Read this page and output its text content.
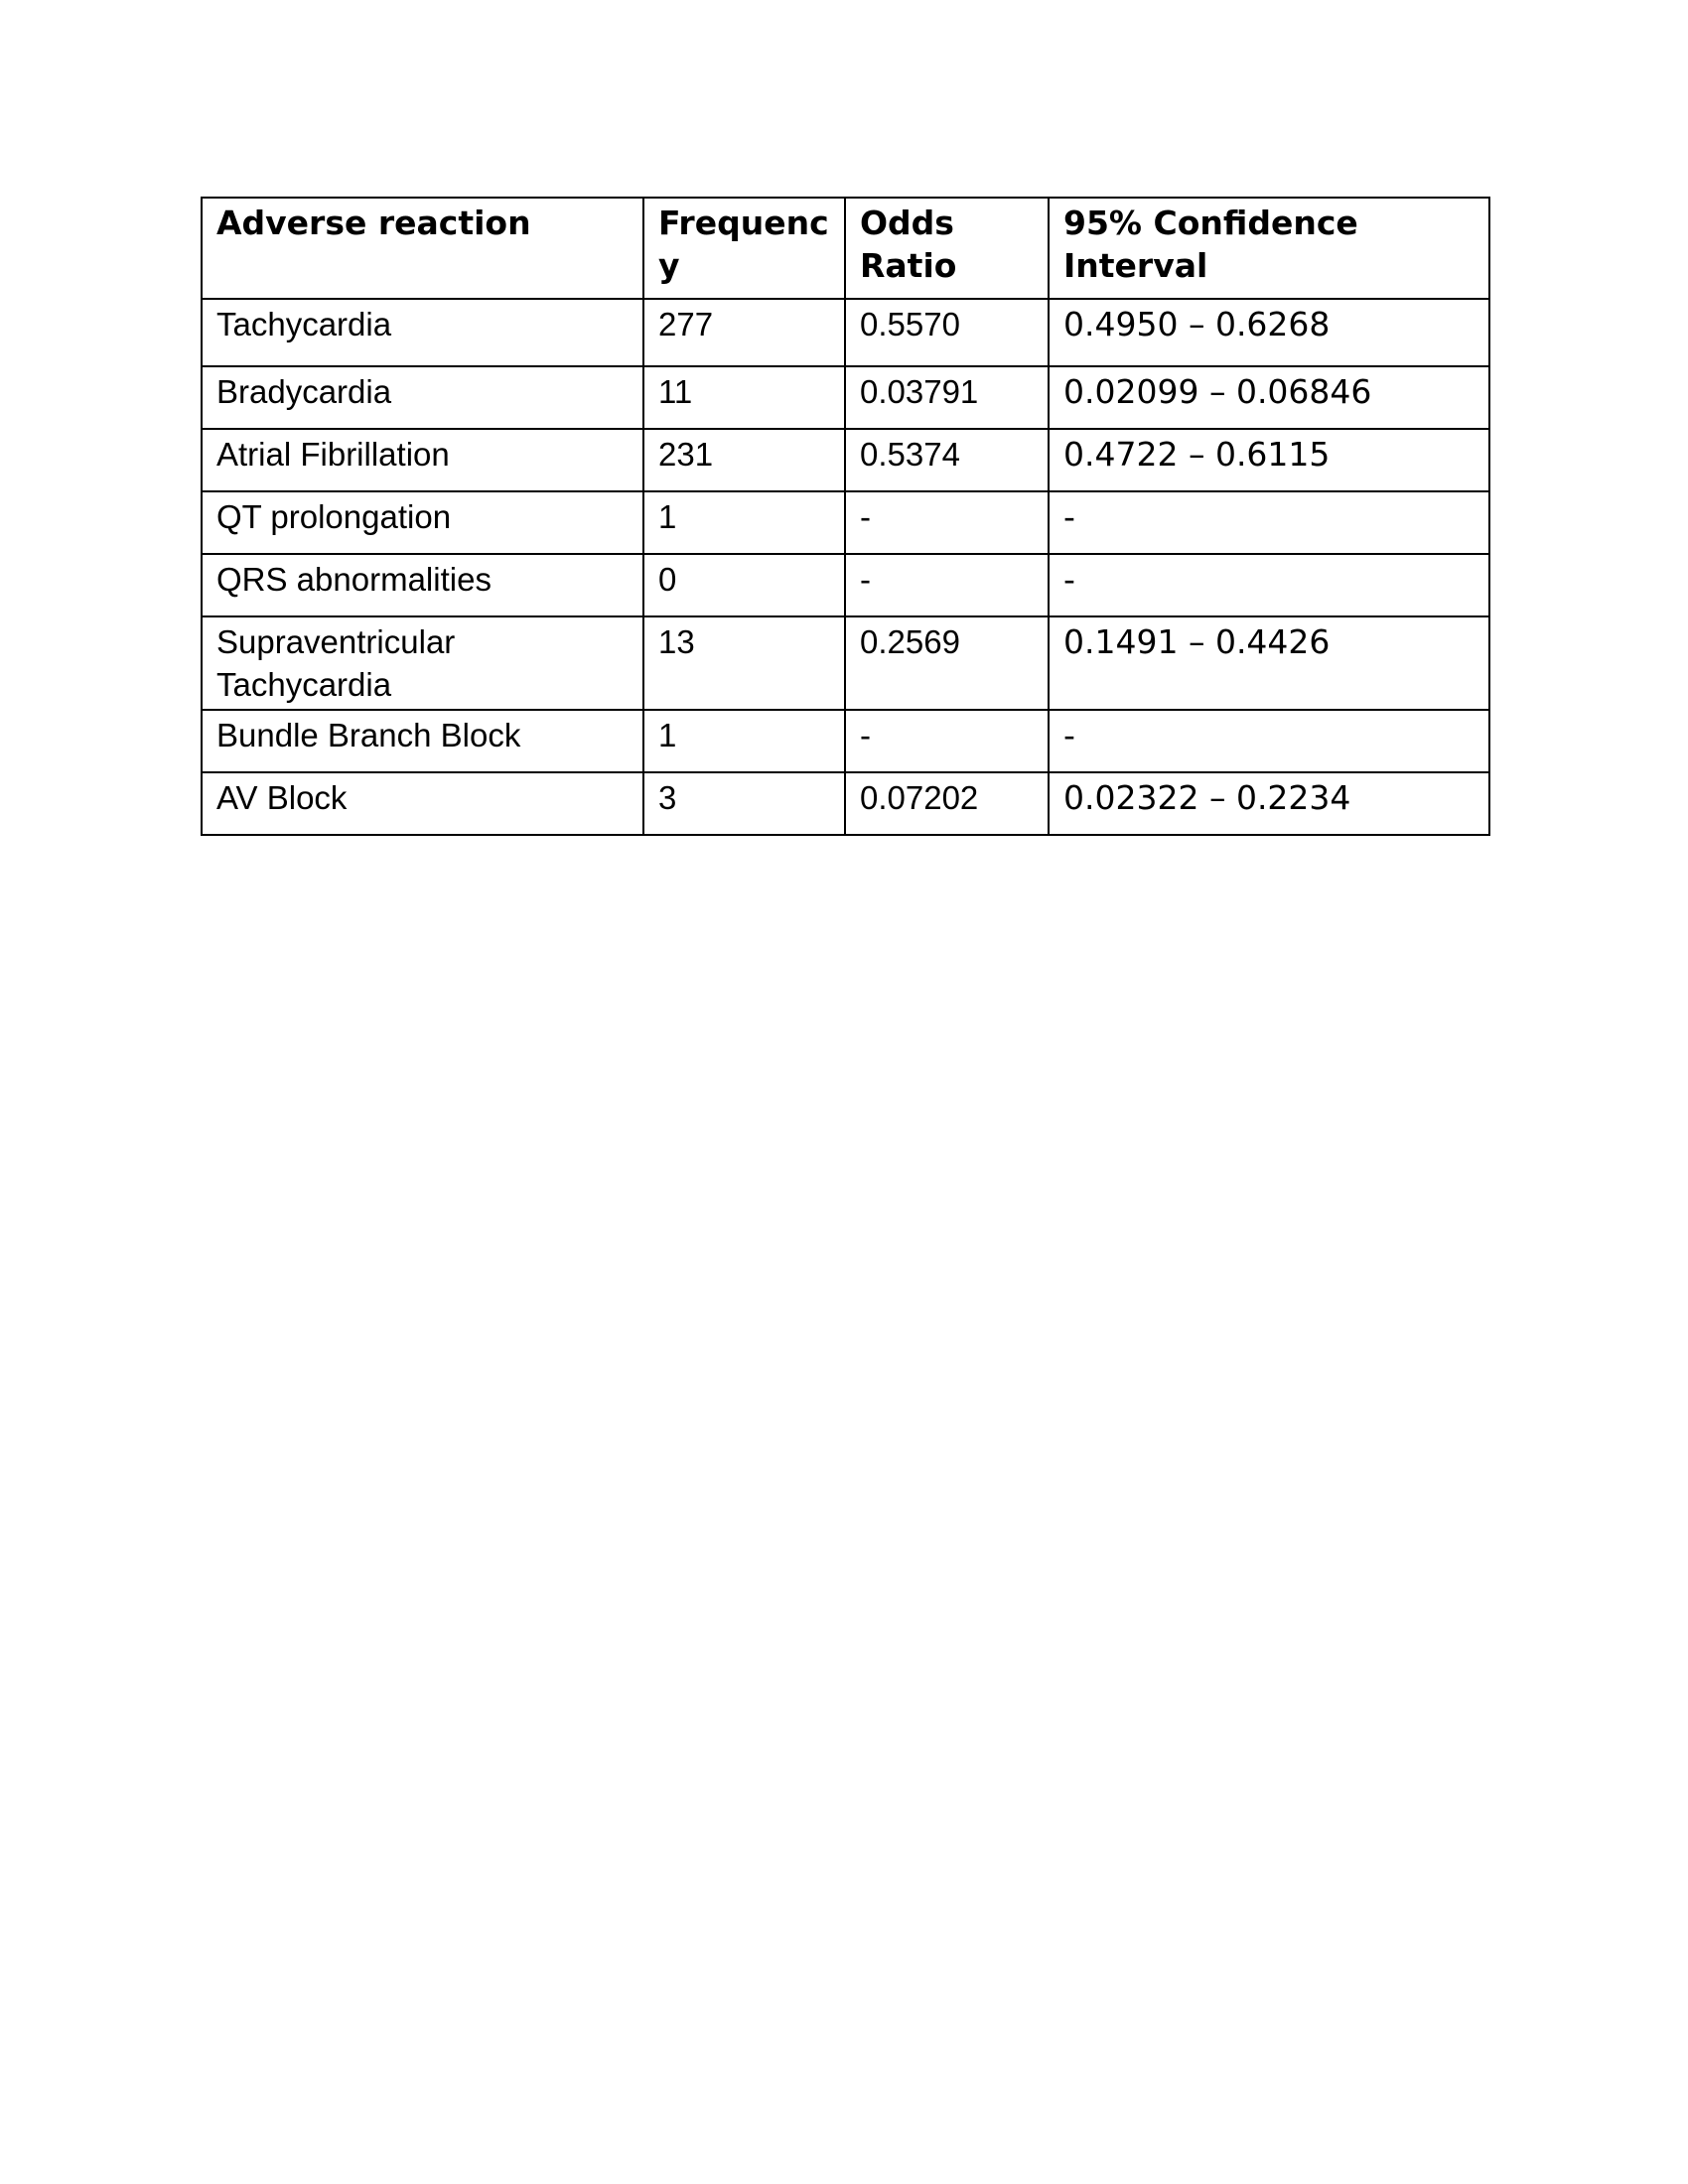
Adverse reaction	Frequency	Odds Ratio	95% Confidence Interval
Tachycardia	277	0.5570	0.4950 – 0.6268
Bradycardia	11	0.03791	0.02099 – 0.06846
Atrial Fibrillation	231	0.5374	0.4722 – 0.6115
QT prolongation	1	-	-
QRS abnormalities	0	-	-
Supraventricular Tachycardia	13	0.2569	0.1491 – 0.4426
Bundle Branch Block	1	-	-
AV Block	3	0.07202	0.02322 – 0.2234
